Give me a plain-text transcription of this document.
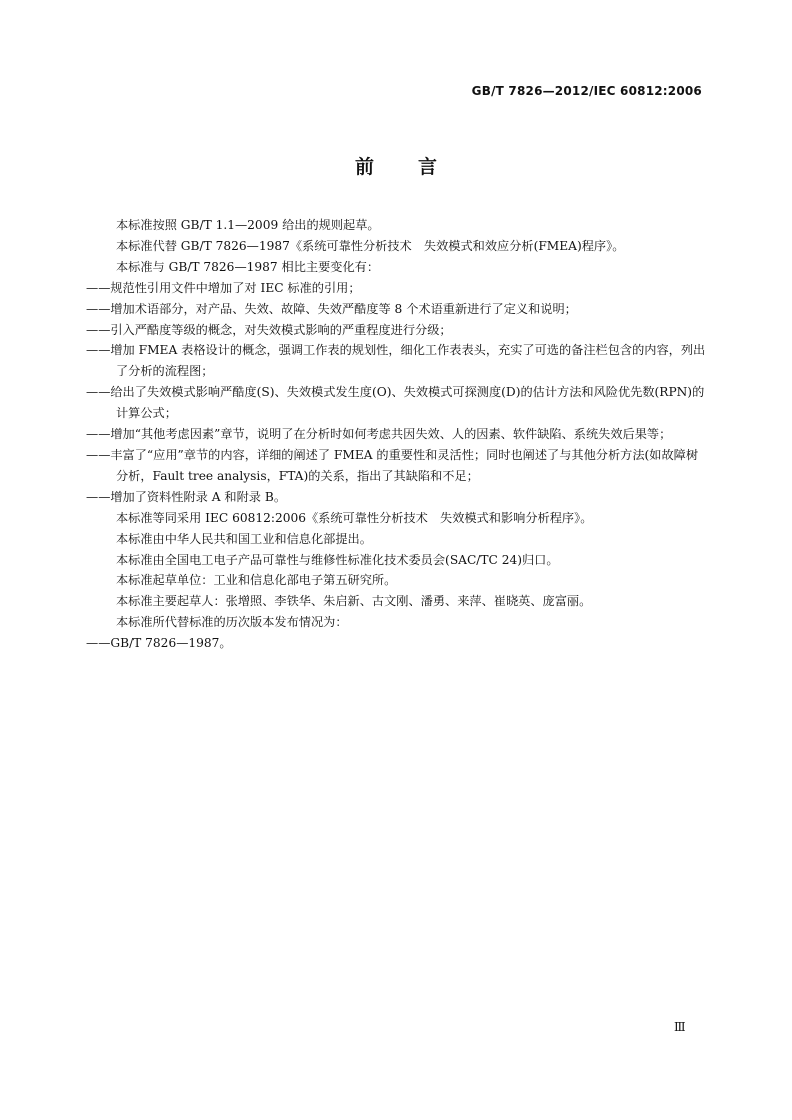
GB/T 7826—2012/IEC 60812:2006
前言

本标准按照 GB/T 1.1—2009 给出的规则起草。

本标准代替 GB/T 7826—1987《系统可靠性分析技术　失效模式和效应分析(FMEA)程序》。

本标准与 GB/T 7826—1987 相比主要变化有：

——规范性引用文件中增加了对 IEC 标准的引用；

——增加术语部分，对产品、失效、故障、失效严酷度等 8 个术语重新进行了定义和说明；

——引入严酷度等级的概念，对失效模式影响的严重程度进行分级；

——增加 FMEA 表格设计的概念，强调工作表的规划性，细化工作表表头，充实了可选的备注栏包含的内容，列出了分析的流程图；

——给出了失效模式影响严酷度(S)、失效模式发生度(O)、失效模式可探测度(D)的估计方法和风险优先数(RPN)的计算公式；

——增加“其他考虑因素”章节，说明了在分析时如何考虑共因失效、人的因素、软件缺陷、系统失效后果等；

——丰富了“应用”章节的内容，详细的阐述了 FMEA 的重要性和灵活性；同时也阐述了与其他分析方法(如故障树分析，Fault tree analysis，FTA)的关系，指出了其缺陷和不足；

——增加了资料性附录 A 和附录 B。

本标准等同采用 IEC 60812:2006《系统可靠性分析技术　失效模式和影响分析程序》。

本标准由中华人民共和国工业和信息化部提出。

本标准由全国电工电子产品可靠性与维修性标准化技术委员会(SAC/TC 24)归口。

本标准起草单位：工业和信息化部电子第五研究所。

本标准主要起草人：张增照、李铁华、朱启新、古文刚、潘勇、来萍、崔晓英、庞富丽。

本标准所代替标准的历次版本发布情况为：

——GB/T 7826—1987。

Ⅲ
